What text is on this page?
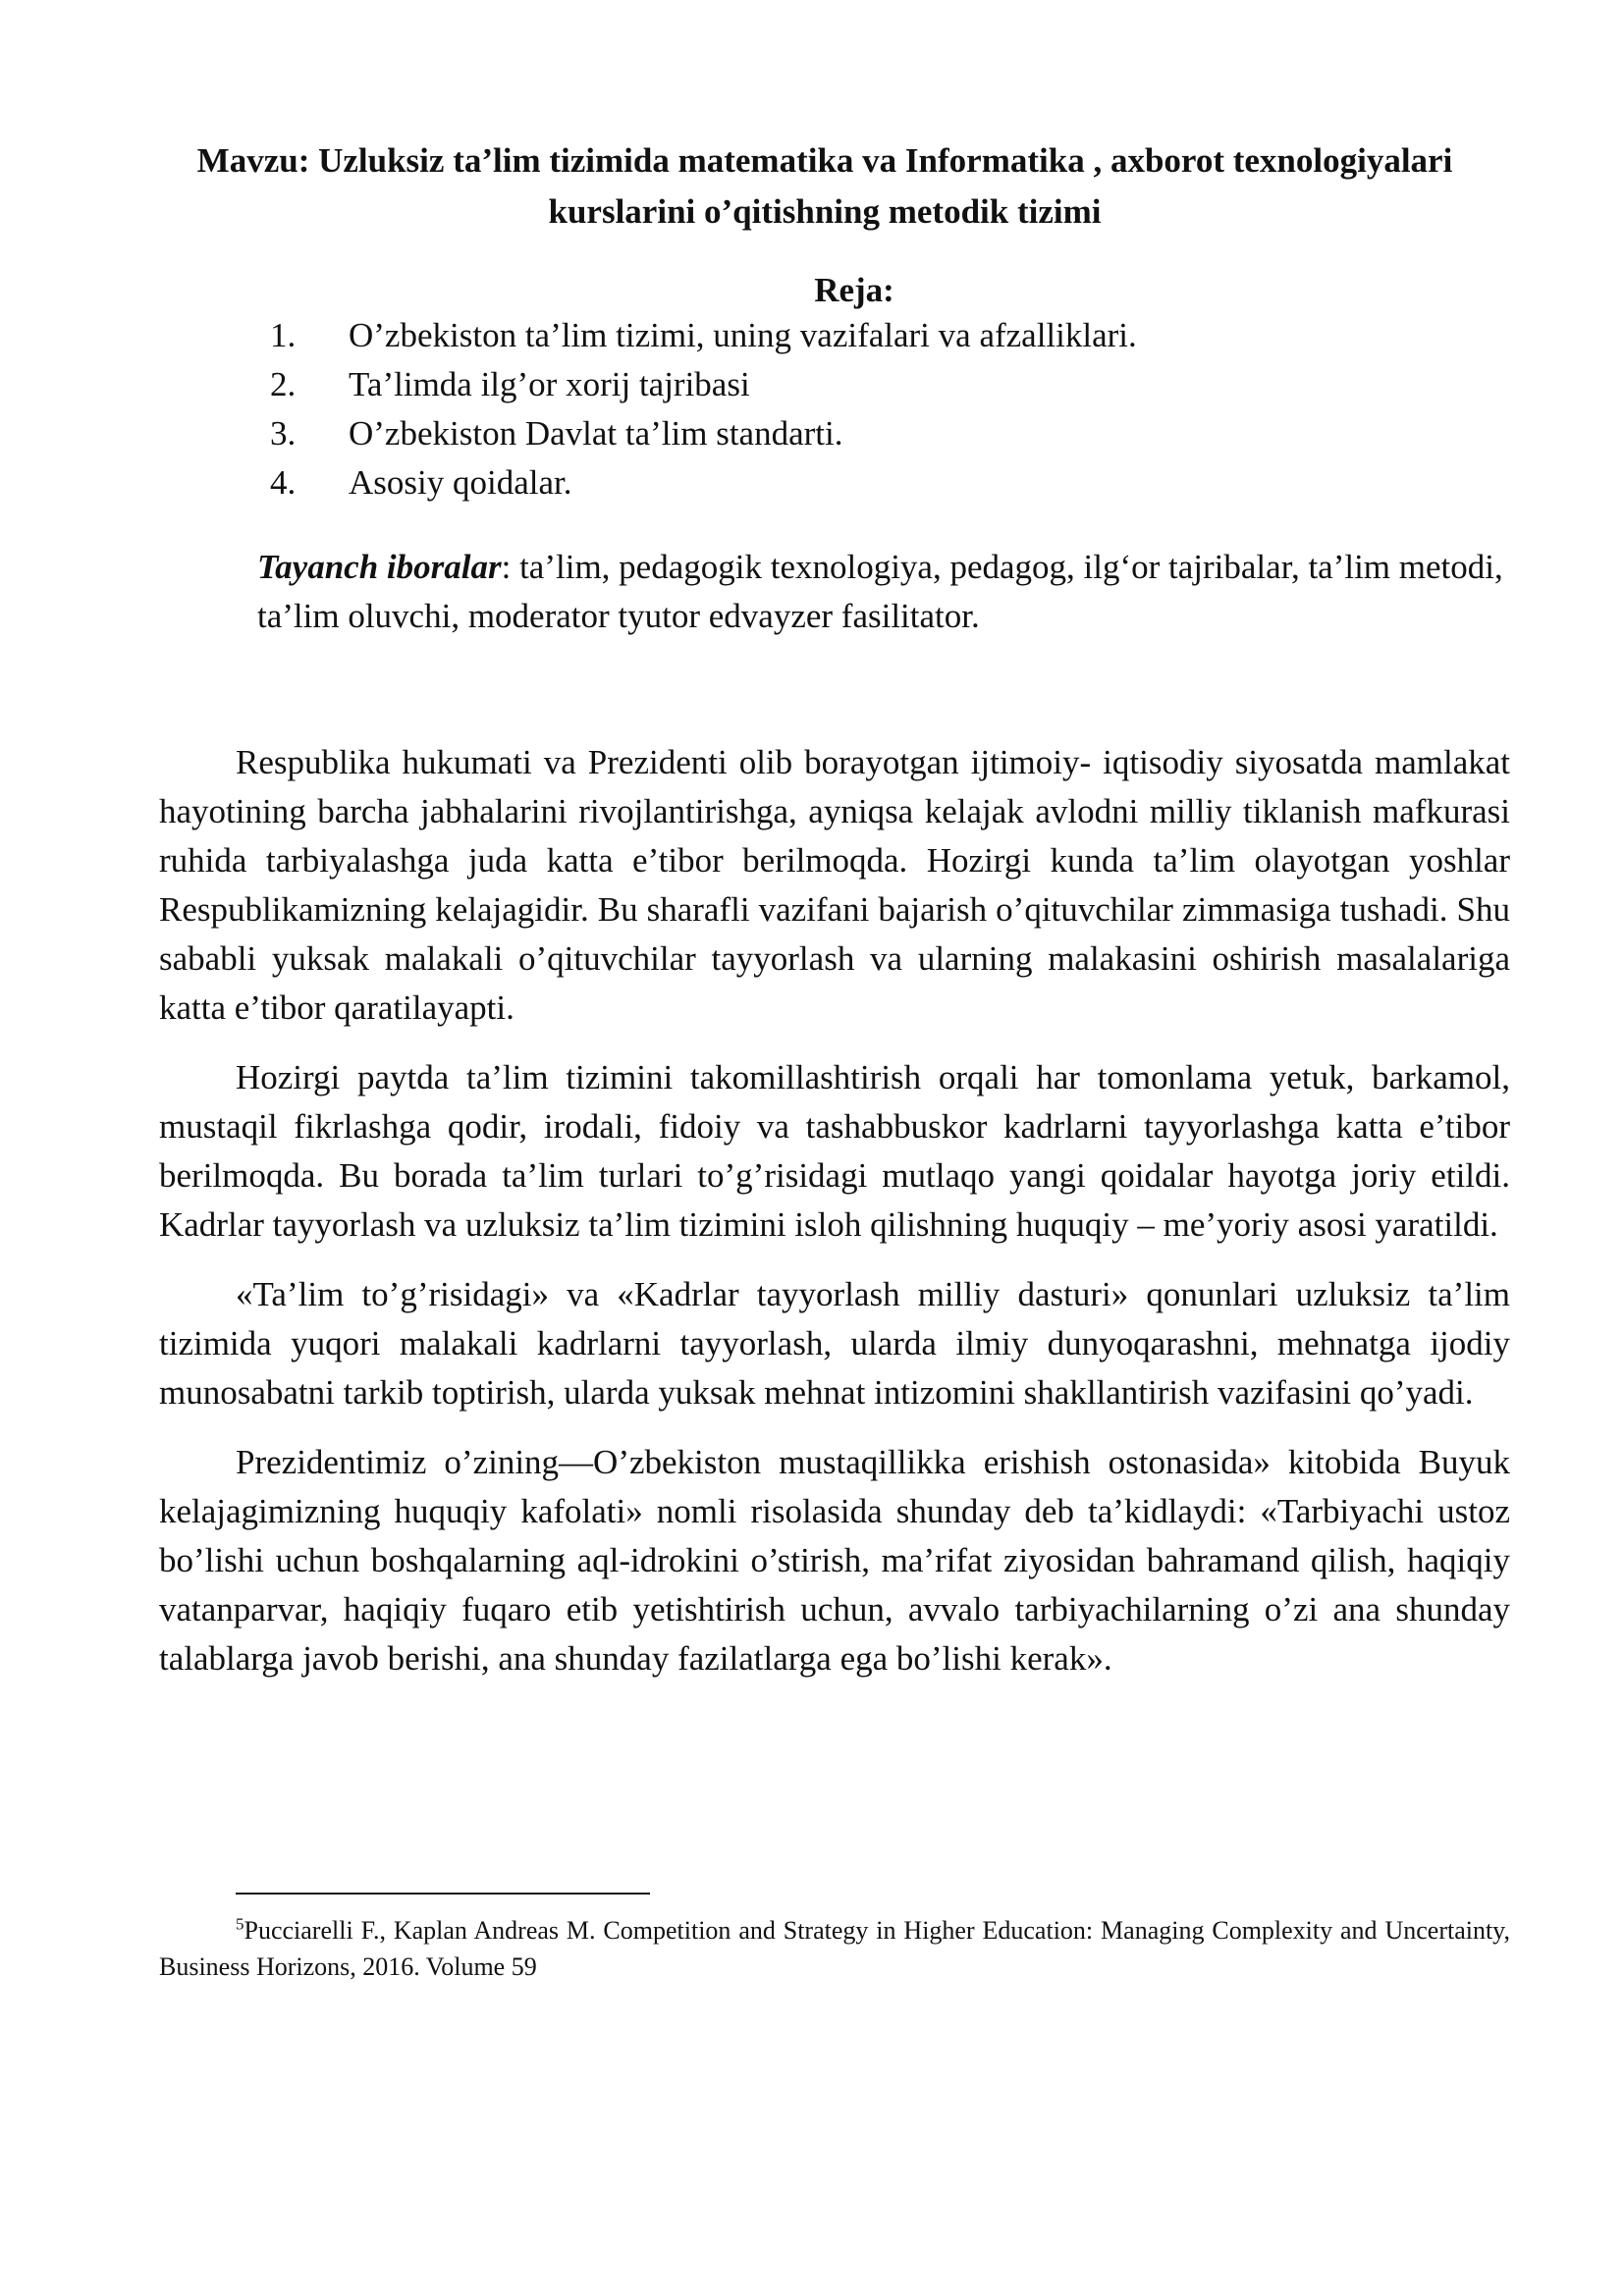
Mavzu: Uzluksiz ta’lim tizimida matematika va Informatika , axborot texnologiyalari kurslarini o’qitishning metodik tizimi
Reja:
1.	O’zbekiston ta’lim tizimi, uning vazifalari va afzalliklari.
2.	Ta’limda ilg’or xorij tajribasi
3.	O’zbekiston Davlat ta’lim standarti.
4.	Asosiy qoidalar.
Tayanch iboralar: ta’lim, pedagogik texnologiya, pedagog, ilg‘or tajribalar, ta’lim metodi, ta’lim oluvchi, moderator tyutor edvayzer fasilitator.

Respublika hukumati va Prezidenti olib borayotgan ijtimoiy- iqtisodiy siyosatda mamlakat hayotining barcha jabhalarini rivojlantirishga, ayniqsa kelajak avlodni milliy tiklanish mafkurasi ruhida tarbiyalashga juda katta e’tibor berilmoqda. Hozirgi kunda ta’lim olayotgan yoshlar Respublikamizning kelajagidir. Bu sharafli vazifani bajarish o’qituvchilar zimmasiga tushadi. Shu sababli yuksak malakali o’qituvchilar tayyorlash va ularning malakasini oshirish masalalariga katta e’tibor qaratilayapti.

Hozirgi paytda ta’lim tizimini takomillashtirish orqali har tomonlama yetuk, barkamol, mustaqil fikrlashga qodir, irodali, fidoiy va tashabbuskor kadrlarni tayyorlashga katta e’tibor berilmoqda. Bu borada ta’lim turlari to’g’risidagi mutlaqo yangi qoidalar hayotga joriy etildi. Kadrlar tayyorlash va uzluksiz ta’lim tizimini isloh qilishning huquqiy – me’yoriy asosi yaratildi.

«Ta’lim to’g’risidagi» va «Kadrlar tayyorlash milliy dasturi» qonunlari uzluksiz ta’lim tizimida yuqori malakali kadrlarni tayyorlash, ularda ilmiy dunyoqarashni, mehnatga ijodiy munosabatni tarkib toptirish, ularda yuksak mehnat intizomini shakllantirish vazifasini qo’yadi.

Prezidentimiz o’zining―O’zbekiston mustaqillikka erishish ostonasida» kitobida Buyuk kelajagimizning huquqiy kafolati» nomli risolasida shunday deb ta’kidlaydi: «Tarbiyachi ustoz bo’lishi uchun boshqalarning aql-idrokini o’stirish, ma’rifat ziyosidan bahramand qilish, haqiqiy vatanparvar, haqiqiy fuqaro etib yetishtirish uchun, avvalo tarbiyachilarning o’zi ana shunday talablarga javob berishi, ana shunday fazilatlarga ega bo’lishi kerak».

$^5$Pucciarelli F., Kaplan Andreas M. Competition and Strategy in Higher Education: Managing Complexity and Uncertainty, Business Horizons, 2016. Volume 59
